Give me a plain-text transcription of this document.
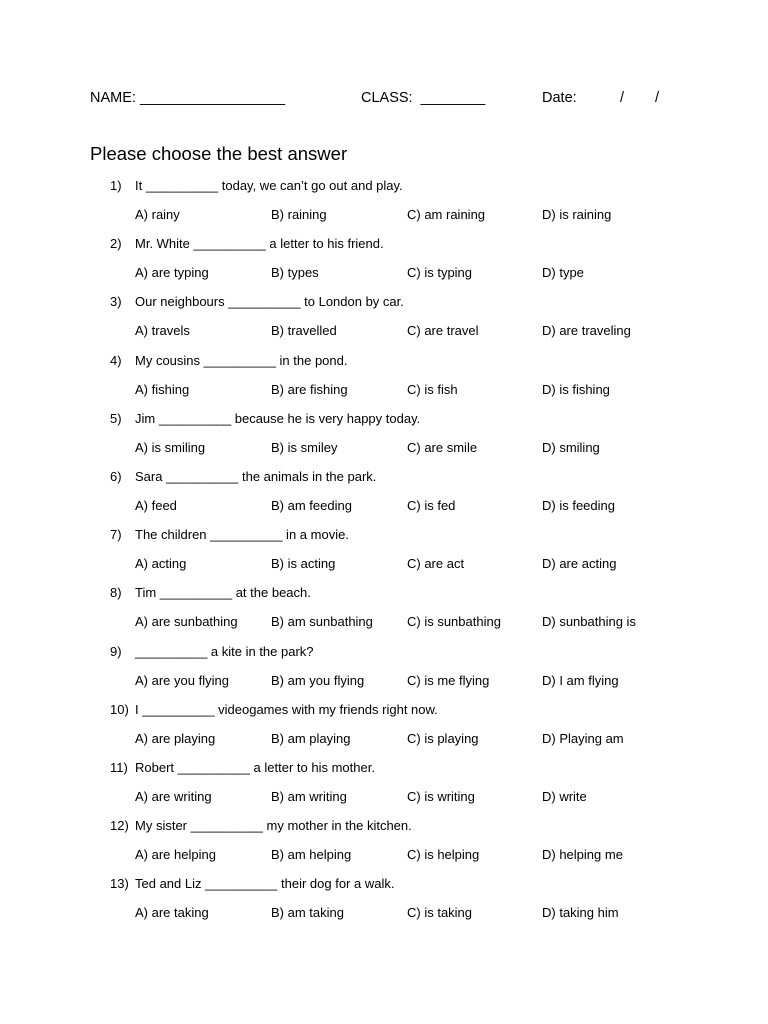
NAME: __________________	CLASS:  ________	Date:	/ /
Please choose the best answer
1)	It __________ today, we can’t go out and play.
A) rainy	B) raining	C) am raining	D) is raining
2)	Mr. White __________ a letter to his friend.
A) are typing	B) types	C) is typing	D) type
3)	Our neighbours __________ to London by car.
A) travels	B) travelled	C) are travel	D) are traveling
4)	My cousins __________ in the pond.
A) fishing	B) are fishing	C) is fish	D) is fishing
5)	Jim __________ because he is very happy today.
A) is smiling	B) is smiley	C) are smile	D) smiling
6)	Sara __________ the animals in the park.
A) feed	B) am feeding	C) is fed	D) is feeding
7)	The children __________ in a movie.
A) acting	B) is acting	C) are act	D) are acting
8)	Tim __________ at the beach.
A) are sunbathing	B) am sunbathing	C) is sunbathing	D) sunbathing is
9)	__________ a kite in the park?
A) are you flying	B) am you flying	C) is me flying	D) I am flying
10) I __________ videogames with my friends right now.
A) are playing	B) am playing	C) is playing	D) Playing am
11) Robert __________ a letter to his mother.
A) are writing	B) am writing	C) is writing	D) write
12) My sister __________ my mother in the kitchen.
A) are helping	B) am helping	C) is helping	D) helping me
13) Ted and Liz __________ their dog for a walk.
A) are taking	B) am taking	C) is taking	D) taking him
